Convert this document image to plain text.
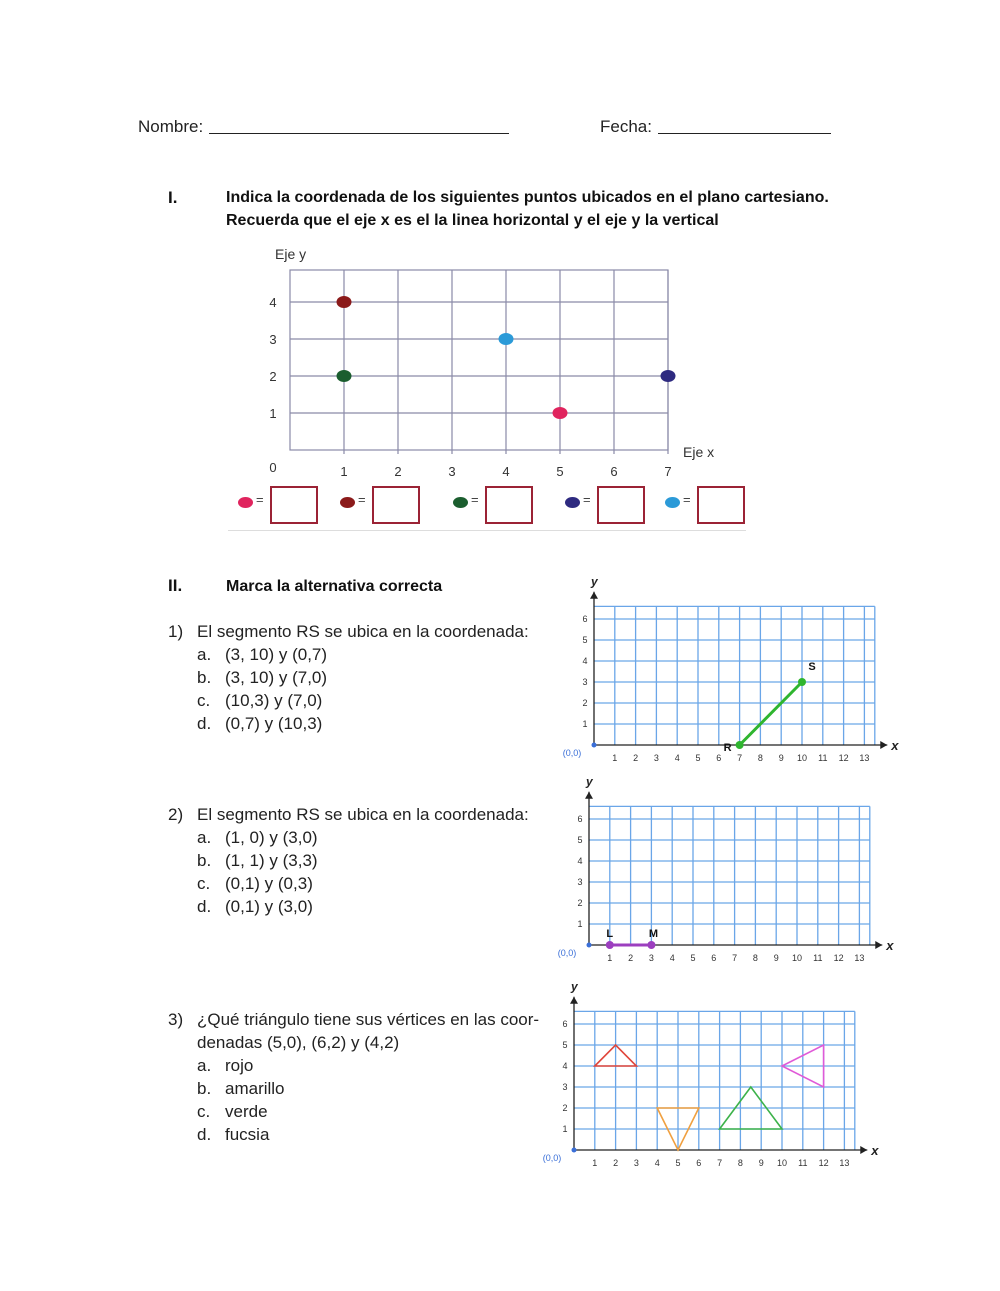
Nombre:	Fecha:
I.	Indica la coordenada de los siguientes puntos ubicados en el plano cartesiano.
Recuerda que el eje x es el la linea horizontal y el eje y la vertical
1	2	3	4	5	6	7
1
2
3
4
0
Eje y
Eje x
=	=	=	=	=
II.	Marca la alternativa correcta
1) El segmento RS se ubica en la coordenada:
a. (3, 10) y (0,7)
b. (3, 10) y (7,0)
c. (10,3) y (7,0)
d. (0,7) y (10,3)
2) El segmento RS se ubica en la coordenada:
a. (1, 0) y (3,0)
b. (1, 1) y (3,3)
c. (0,1) y (0,3)
d. (0,1) y (3,0)
3) ¿Qué triángulo tiene sus vértices en las coor-
denadas (5,0), (6,2) y (4,2)
a. rojo
b. amarillo
c. verde
d. fucsia
x
y
1 2 3 4 5 6 7 8 9 10 11 12 13
1
2
3
4
5
6
(0,0)	R
S
x
y
1 2 3 4 5 6 7 8 9 10 11 12 13
1
2
3
4
5
6
(0,0)
L	M
x
y
1 2 3 4 5 6 7 8 9 10 11 12 13
1
2
3
4
5
6
(0,0)
